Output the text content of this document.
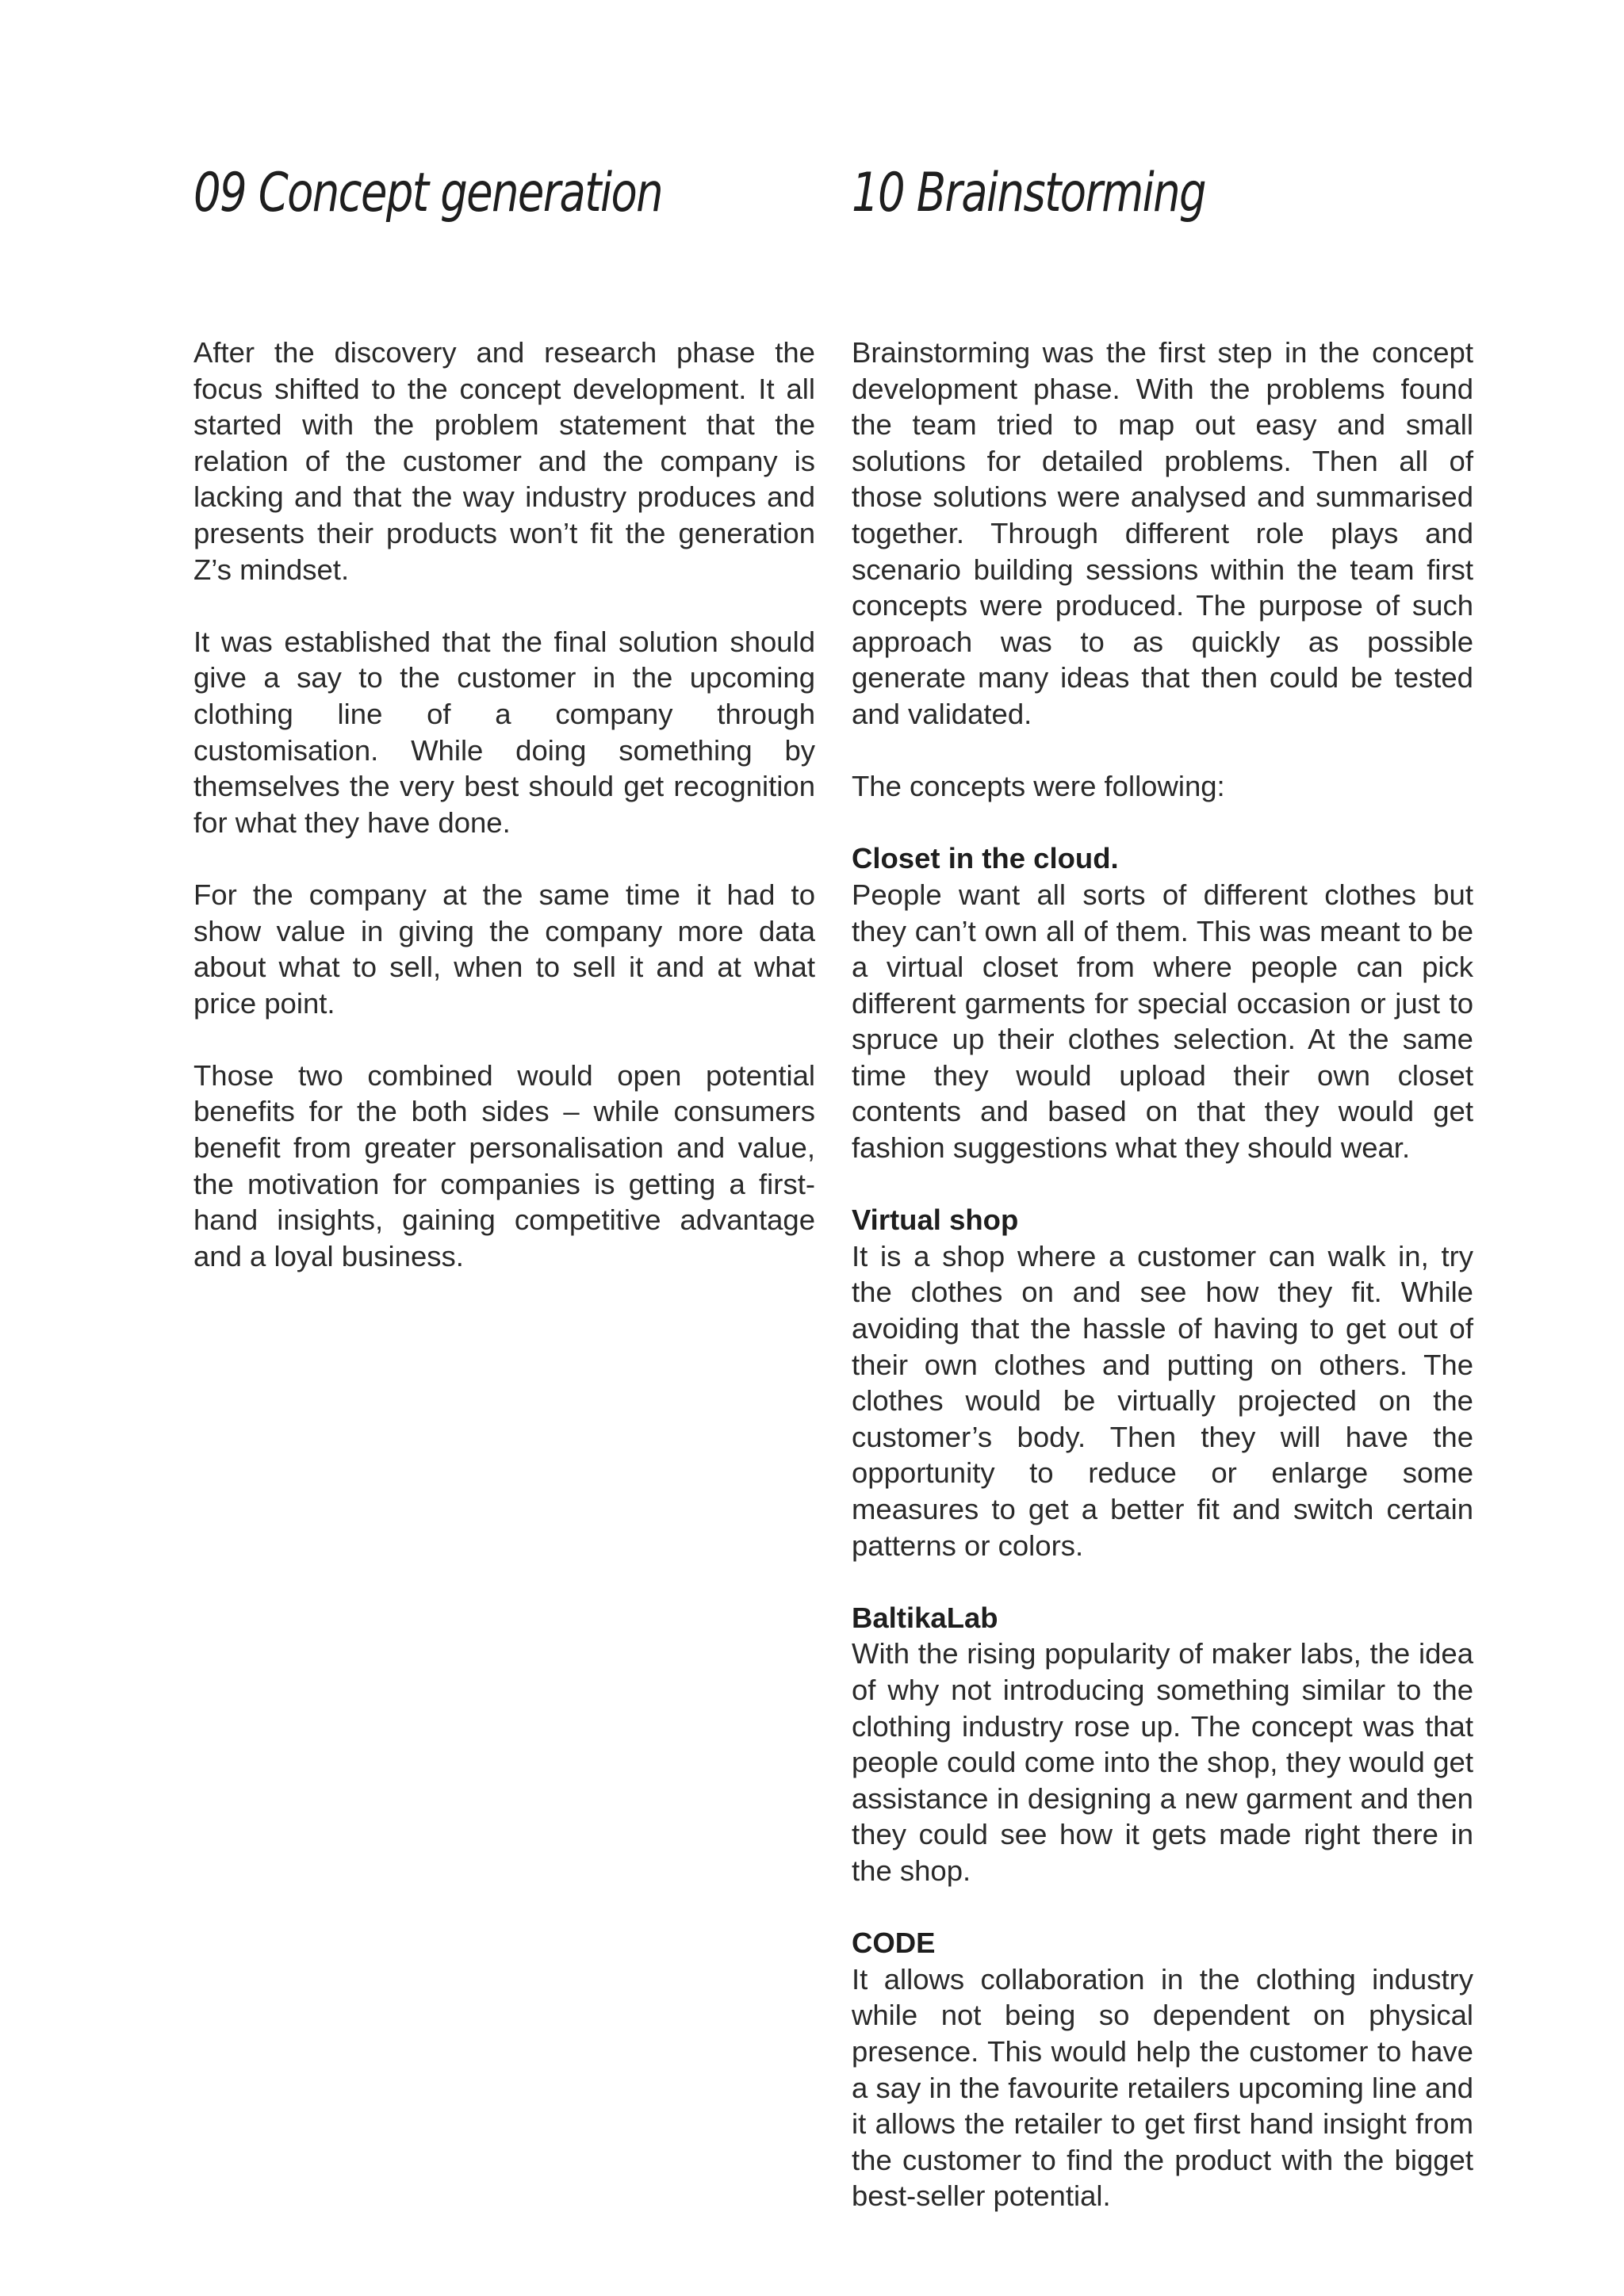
09 Concept generation

After the discovery and research phase the focus shifted to the concept development. It all started with the problem statement that the relation of the customer and the company is lacking and that the way industry produces and presents their products won’t fit the generation Z’s mindset.

It was established that the final solution should give a say to the customer in the upcoming clothing line of a company through customisation. While doing something by themselves the very best should get recognition for what they have done.

For the company at the same time it had to show value in giving the company more data about what to sell, when to sell it and at what price point.

Those two combined would open potential benefits for the both sides – while consumers benefit from greater personalisation and value, the motivation for companies is getting a first-hand insights, gaining competitive advantage and a loyal business.

10 Brainstorming

Brainstorming was the first step in the concept development phase. With the problems found the team tried to map out easy and small solutions for detailed problems. Then all of those solutions were analysed and summarised together. Through different role plays and scenario building sessions within the team first concepts were produced. The purpose of such approach was to as quickly as possible generate many ideas that then could be tested and validated.

The concepts were following:

Closet in the cloud.

People want all sorts of different clothes but they can’t own all of them. This was meant to be a virtual closet from where people can pick different garments for special occasion or just to spruce up their clothes selection. At the same time they would upload their own closet contents and based on that they would get fashion suggestions what they should wear.

Virtual shop

It is a shop where a customer can walk in, try the clothes on and see how they fit. While avoiding that the hassle of having to get out of their own clothes and putting on others. The clothes would be virtually projected on the customer’s body. Then they will have the opportunity to reduce or enlarge some measures to get a better fit and switch certain patterns or colors.

BaltikaLab

With the rising popularity of maker labs, the idea of why not introducing something similar to the clothing industry rose up. The concept was that people could come into the shop, they would get assistance in designing a new garment and then they could see how it gets made right there in the shop.

CODE

It allows collaboration in the clothing industry while not being so dependent on physical presence. This would help the customer to have a say in the favourite retailers upcoming line and it allows the retailer to get first hand insight from the customer to find the product with the bigget best-seller potential.
